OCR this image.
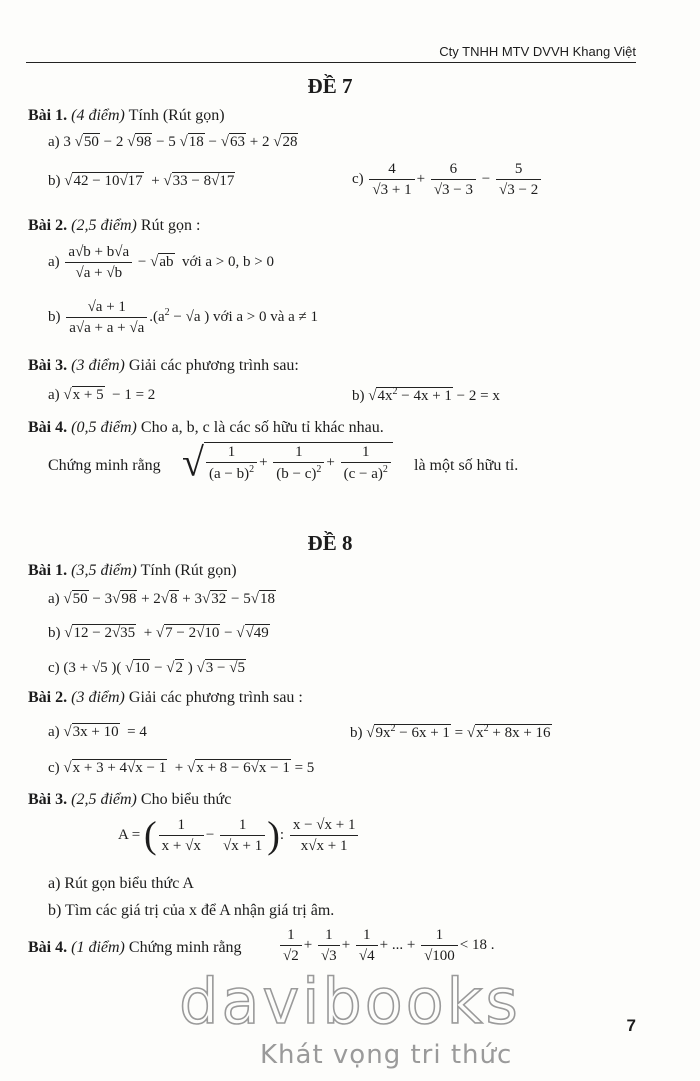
Cty TNHH MTV DVVH Khang Việt
ĐỀ 7
Bài 1. (4 điểm) Tính (Rút gọn)
a) 3 √50 − 2 √98 − 5 √18 − √63 + 2 √28
b) √42 − 10√17  + √33 − 8√17	$c) \frac{4}{√3 + 1} + \frac{6}{√3 - 3} - \frac{5}{√3 - 2}$
Bài 2. (2,5 điểm) Rút gọn :
$a) \frac{a√b + b√a}{√a + √b} - √ab$  với a > 0, b > 0
$b) \frac{√a + 1}{a√a + a + √a} .(a^2 - √a$ ) với a > 0 và a ≠ 1
Bài 3. (3 điểm) Giải các phương trình sau:
a) √x + 5  − 1 = 2	b) $√4x^2 - 4x + 1 - 2 = x$
Bài 4. (0,5 điểm) Cho a, b, c là các số hữu tỉ khác nhau.
Chứng minh rằng √ $\frac{1}{(a - b)^2} + \frac{1}{(b - c)^2} + \frac{1}{(c - a)^2}$ là một số hữu tỉ.
ĐỀ 8
Bài 1. (3,5 điểm) Tính (Rút gọn)
a) √50 − 3√98 + 2√8 + 3√32 − 5√18
b) √12 − 2√35  + √7 − 2√10 − √√49
c) (3 + √5 )( √10 − √2 ) √3 − √5
Bài 2. (3 điểm) Giải các phương trình sau :
a) √3x + 10  = 4	b) $√9x^2 - 6x + 1 = √x^2 + 8x + 16$
c) √x + 3 + 4√x − 1  + √x + 8 − 6√x − 1 = 5
Bài 3. (2,5 điểm) Cho biểu thức
A = ( $\frac{1}{x + √x} - \frac{1}{√x + 1}$ ): $\frac{x - √x + 1}{x√x + 1}$
a) Rút gọn biểu thức A
b) Tìm các giá trị của x để A nhận giá trị âm.
Bài 4. (1 điểm) Chứng minh rằng	$\frac{1}{√2} + \frac{1}{√3} + \frac{1}{√4}$ + ... + $\frac{1}{√100} < 18$ .
7
davibooks
Khát vọng tri thức
